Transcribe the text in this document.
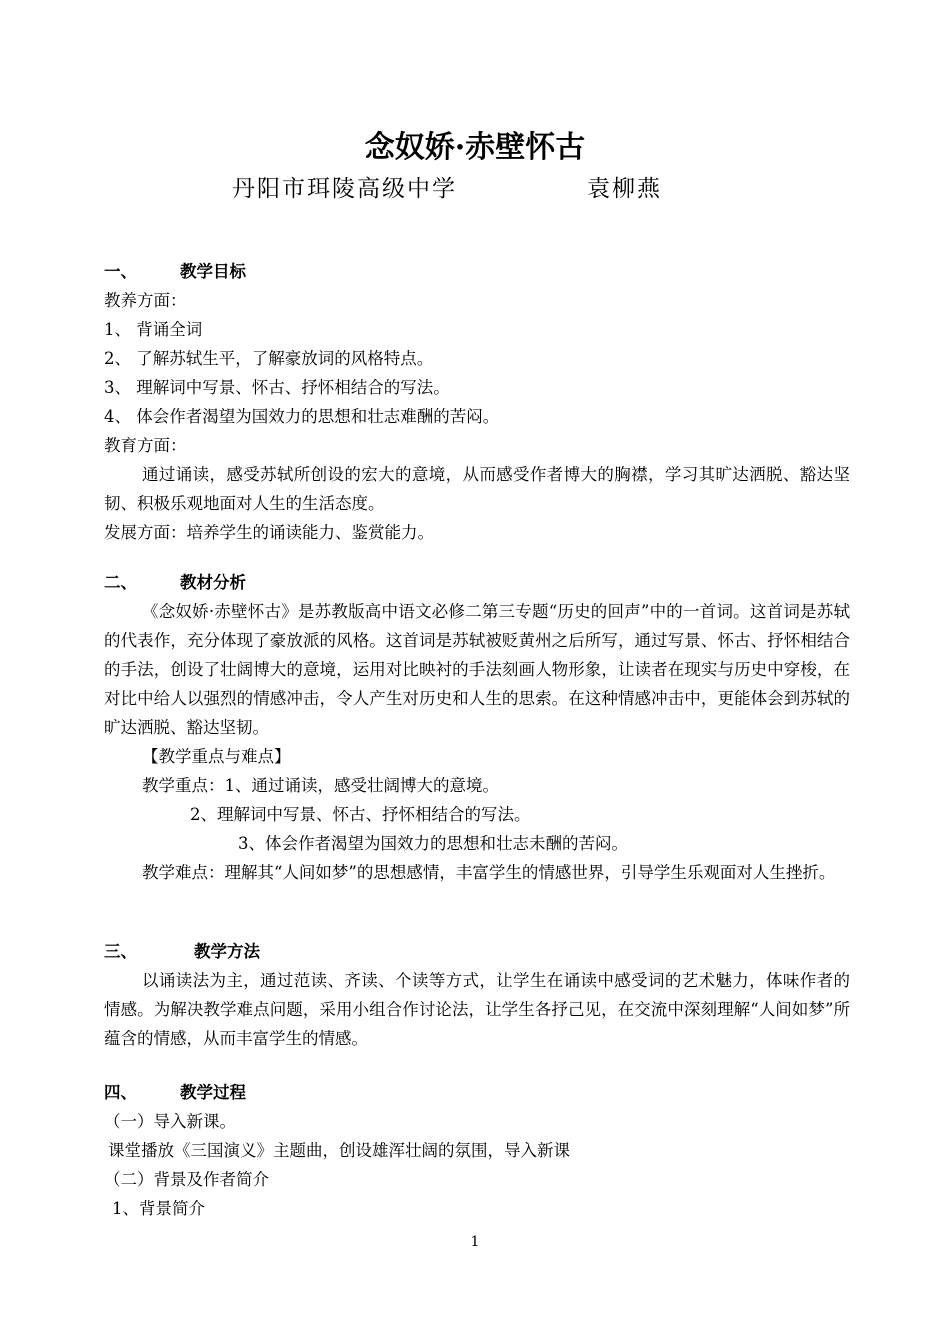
念奴娇·赤壁怀古
丹阳市珥陵高级中学	袁柳燕
一、	教学目标
教养方面：
1、 背诵全词
2、 了解苏轼生平，了解豪放词的风格特点。
3、 理解词中写景、怀古、抒怀相结合的写法。
4、 体会作者渴望为国效力的思想和壮志难酬的苦闷。
教育方面：
通过诵读，感受苏轼所创设的宏大的意境，从而感受作者博大的胸襟，学习其旷达洒脱、豁达坚韧、积极乐观地面对人生的生活态度。
发展方面：培养学生的诵读能力、鉴赏能力。
二、	教材分析
《念奴娇·赤壁怀古》是苏教版高中语文必修二第三专题“历史的回声”中的一首词。这首词是苏轼的代表作，充分体现了豪放派的风格。这首词是苏轼被贬黄州之后所写，通过写景、怀古、抒怀相结合的手法，创设了壮阔博大的意境，运用对比映衬的手法刻画人物形象，让读者在现实与历史中穿梭，在对比中给人以强烈的情感冲击，令人产生对历史和人生的思索。在这种情感冲击中，更能体会到苏轼的旷达洒脱、豁达坚韧。
【教学重点与难点】
教学重点：1、通过诵读，感受壮阔博大的意境。
2、理解词中写景、怀古、抒怀相结合的写法。
3、体会作者渴望为国效力的思想和壮志未酬的苦闷。
教学难点：理解其“人间如梦”的思想感情，丰富学生的情感世界，引导学生乐观面对人生挫折。
三、	教学方法
以诵读法为主，通过范读、齐读、个读等方式，让学生在诵读中感受词的艺术魅力，体味作者的情感。为解决教学难点问题，采用小组合作讨论法，让学生各抒己见，在交流中深刻理解“人间如梦”所蕴含的情感，从而丰富学生的情感。
四、	教学过程
（一）导入新课。
课堂播放《三国演义》主题曲，创设雄浑壮阔的氛围，导入新课
（二）背景及作者简介
1、背景简介
1
